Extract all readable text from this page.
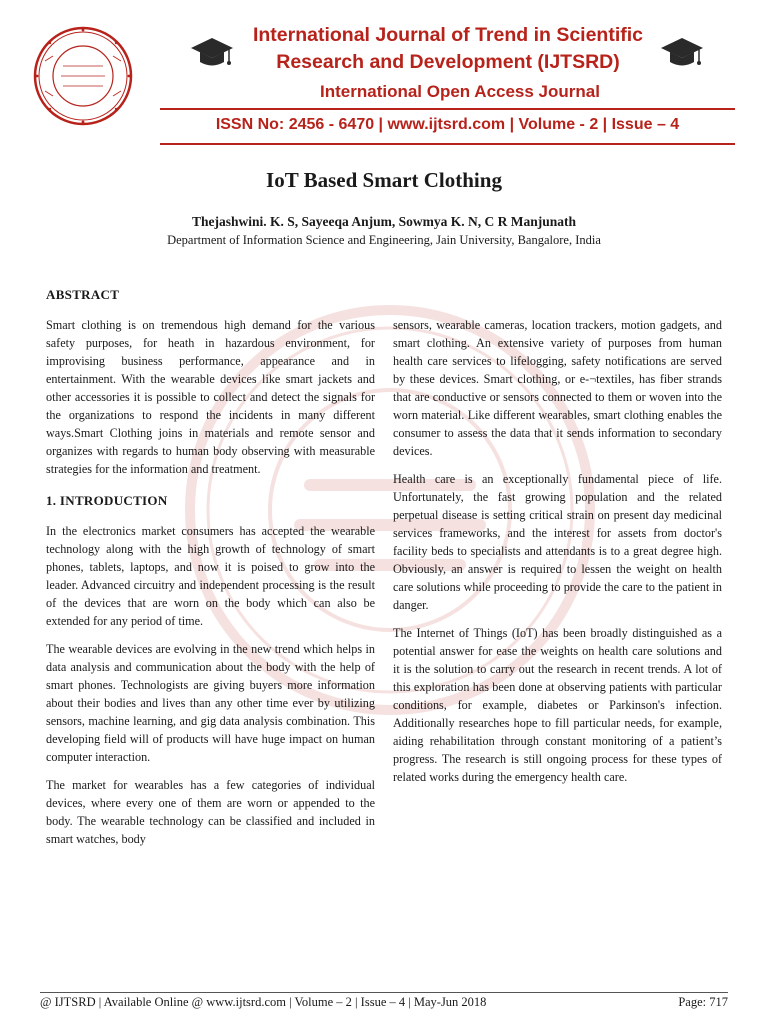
International Journal of Trend in Scientific
Research and Development (IJTSRD)
International Open Access Journal
ISSN No: 2456 - 6470 | www.ijtsrd.com | Volume - 2 | Issue – 4
IoT Based Smart Clothing
Thejashwini. K. S, Sayeeqa Anjum, Sowmya K. N, C R Manjunath
Department of Information Science and Engineering, Jain University, Bangalore, India
ABSTRACT

Smart clothing is on tremendous high demand for the various safety purposes, for heath in hazardous environment, for improvising business performance, appearance and in entertainment. With the wearable devices like smart jackets and other accessories it is possible to collect and detect the signals for the organizations to respond the incidents in many different ways.Smart Clothing joins in materials and remote sensor and organizes with regards to human body observing with measurable strategies for the information and treatment.

1. INTRODUCTION

In the electronics market consumers has accepted the wearable technology along with the high growth of technology of smart phones, tablets, laptops, and now it is poised to grow into the leader. Advanced circuitry and independent processing is the result of the devices that are worn on the body which can also be extended for any period of time.

The wearable devices are evolving in the new trend which helps in data analysis and communication about the body with the help of smart phones. Technologists are giving buyers more information about their bodies and lives than any other time ever by utilizing sensors, machine learning, and gig data analysis combination. This developing field will of products will have huge impact on human computer interaction.

The market for wearables has a few categories of individual devices, where every one of them are worn or appended to the body. The wearable technology can be classified and included in smart watches, body

sensors, wearable cameras, location trackers, motion gadgets, and smart clothing. An extensive variety of purposes from human health care services to lifelogging, safety notifications are served by these devices. Smart clothing, or e-¬textiles, has fiber strands that are conductive or sensors connected to them or woven into the worn material. Like different wearables, smart clothing enables the consumer to assess the data that it sends information to secondary devices.

Health care is an exceptionally fundamental piece of life. Unfortunately, the fast growing population and the related perpetual disease is setting critical strain on present day medicinal services frameworks, and the interest for assets from doctor's facility beds to specialists and attendants is to a great degree high. Obviously, an answer is required to lessen the weight on health care solutions while proceeding to provide the care to the patient in danger.

The Internet of Things (IoT) has been broadly distinguished as a potential answer for ease the weights on health care solutions and it is the solution to carry out the research in recent trends. A lot of this exploration has been done at observing patients with particular conditions, for example, diabetes or Parkinson's infection. Additionally researches hope to fill particular needs, for example, aiding rehabilitation through constant monitoring of a patient’s progress. The research is still ongoing process for these types of related works during the emergency health care.

@ IJTSRD | Available Online @ www.ijtsrd.com | Volume – 2 | Issue – 4 | May-Jun 2018	Page: 717
